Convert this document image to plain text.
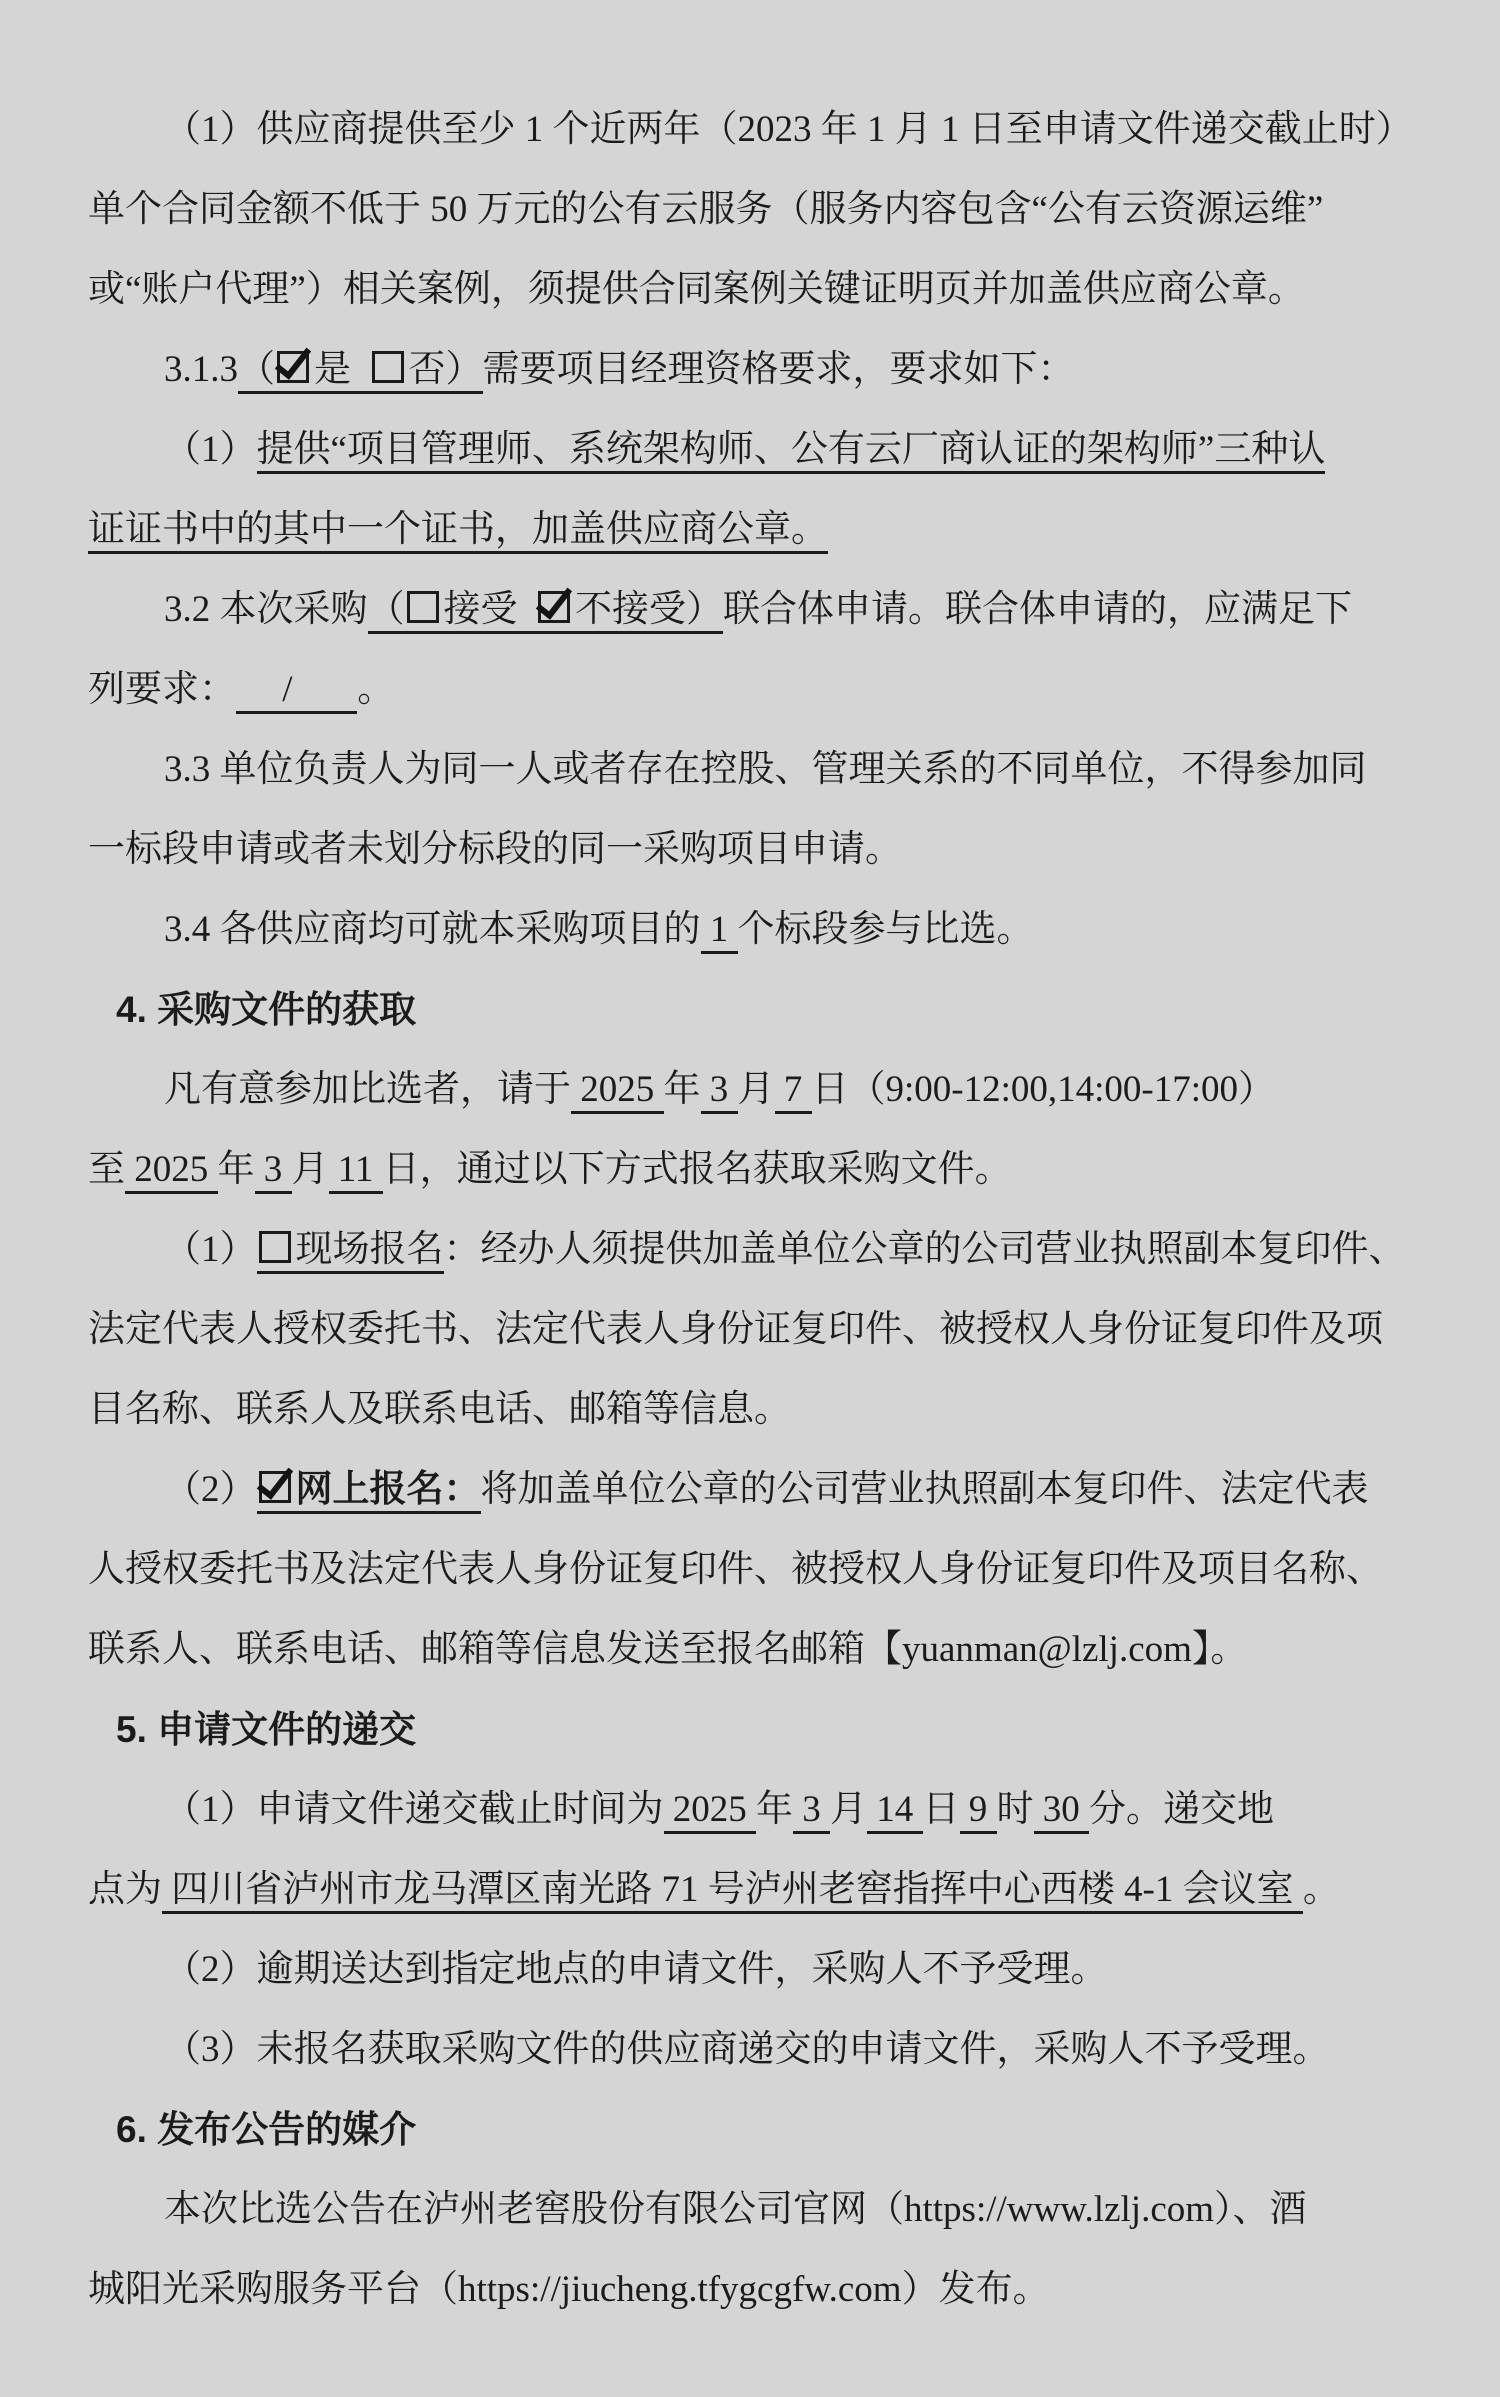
（1）供应商提供至少 1 个近两年（2023 年 1 月 1 日至申请文件递交截止时）

单个合同金额不低于 50 万元的公有云服务（服务内容包含“公有云资源运维”

或“账户代理”）相关案例，须提供合同案例关键证明页并加盖供应商公章。

3.1.3（ 是 否）需要项目经理资格要求，要求如下：

（1）提供“项目管理师、系统架构师、公有云厂商认证的架构师”三种认

证证书中的其中一个证书，加盖供应商公章。

3.2 本次采购（ 接受 不接受）联合体申请。联合体申请的，应满足下

列要求：     /       。

3.3 单位负责人为同一人或者存在控股、管理关系的不同单位，不得参加同

一标段申请或者未划分标段的同一采购项目申请。

3.4 各供应商均可就本采购项目的 1 个标段参与比选。

4. 采购文件的获取

凡有意参加比选者，请于 2025 年 3 月 7 日（9:00-12:00,14:00-17:00）

至 2025 年 3 月 11 日，通过以下方式报名获取采购文件。

（1） 现场报名：经办人须提供加盖单位公章的公司营业执照副本复印件、

法定代表人授权委托书、法定代表人身份证复印件、被授权人身份证复印件及项

目名称、联系人及联系电话、邮箱等信息。

（2） 网上报名：将加盖单位公章的公司营业执照副本复印件、法定代表

人授权委托书及法定代表人身份证复印件、被授权人身份证复印件及项目名称、

联系人、联系电话、邮箱等信息发送至报名邮箱【yuanman@lzlj.com】。

5. 申请文件的递交

（1）申请文件递交截止时间为 2025 年 3 月 14 日 9 时 30 分。递交地

点为 四川省泸州市龙马潭区南光路 71 号泸州老窖指挥中心西楼 4-1 会议室 。

（2）逾期送达到指定地点的申请文件，采购人不予受理。

（3）未报名获取采购文件的供应商递交的申请文件，采购人不予受理。

6. 发布公告的媒介

本次比选公告在泸州老窖股份有限公司官网（https://www.lzlj.com）、酒

城阳光采购服务平台（https://jiucheng.tfygcgfw.com）发布。
